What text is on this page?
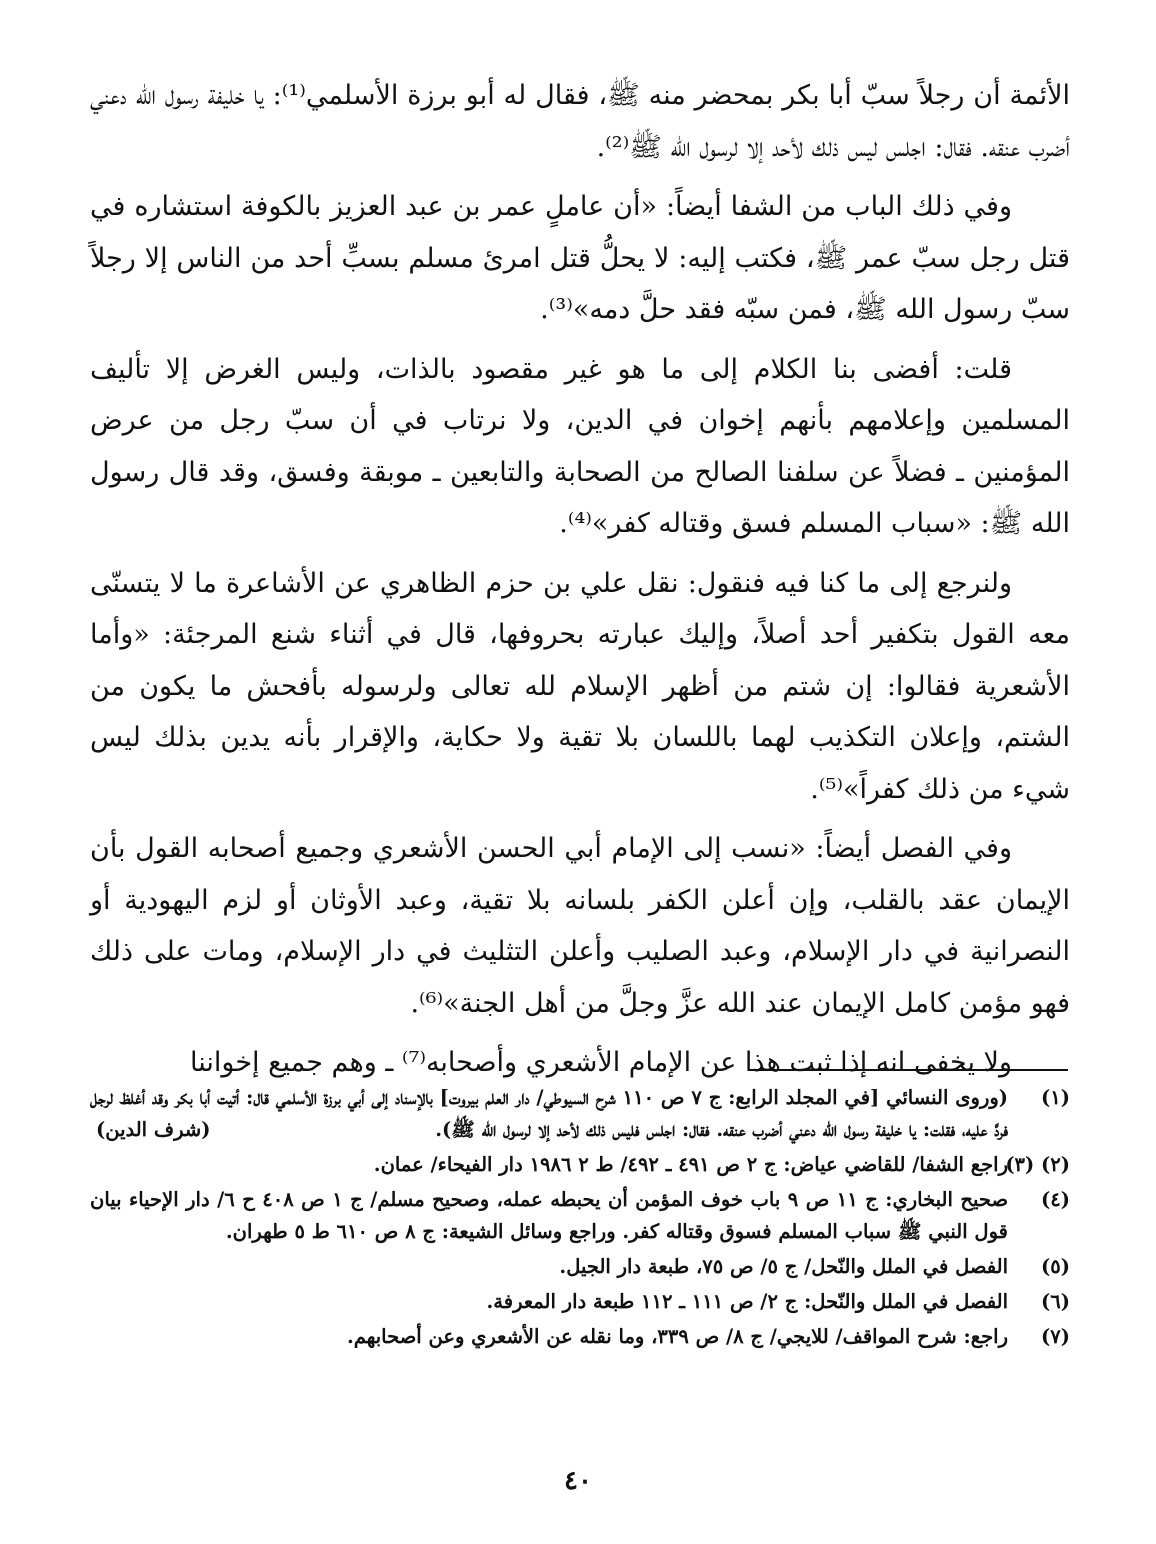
الأئمة أن رجلاً سبّ أبا بكر بمحضر منه ﷺ، فقال له أبو برزة الأسلمي⁽¹⁾: يا خليفة رسول الله دعني أضرب عنقه. فقال: اجلس ليس ذلك لأحد إلا لرسول الله ﷺ⁽²⁾.

وفي ذلك الباب من الشفا أيضاً: «أن عاملٍ عمر بن عبد العزيز بالكوفة استشاره في قتل رجل سبّ عمر ﷺ، فكتب إليه: لا يحلُّ قتل امرئ مسلم بسبِّ أحد من الناس إلا رجلاً سبّ رسول الله ﷺ، فمن سبّه فقد حلَّ دمه»⁽³⁾.

قلت: أفضى بنا الكلام إلى ما هو غير مقصود بالذات، وليس الغرض إلا تأليف المسلمين وإعلامهم بأنهم إخوان في الدين، ولا نرتاب في أن سبّ رجل من عرض المؤمنين ـ فضلاً عن سلفنا الصالح من الصحابة والتابعين ـ موبقة وفسق، وقد قال رسول الله ﷺ: «سباب المسلم فسق وقتاله كفر»⁽⁴⁾.

ولنرجع إلى ما كنا فيه فنقول: نقل علي بن حزم الظاهري عن الأشاعرة ما لا يتسنّى معه القول بتكفير أحد أصلاً، وإليك عبارته بحروفها، قال في أثناء شنع المرجئة: «وأما الأشعرية فقالوا: إن شتم من أظهر الإسلام لله تعالى ولرسوله بأفحش ما يكون من الشتم، وإعلان التكذيب لهما باللسان بلا تقية ولا حكاية، والإقرار بأنه يدين بذلك ليس شيء من ذلك كفراً»⁽⁵⁾.

وفي الفصل أيضاً: «نسب إلى الإمام أبي الحسن الأشعري وجميع أصحابه القول بأن الإيمان عقد بالقلب، وإن أعلن الكفر بلسانه بلا تقية، وعبد الأوثان أو لزم اليهودية أو النصرانية في دار الإسلام، وعبد الصليب وأعلن التثليث في دار الإسلام، ومات على ذلك فهو مؤمن كامل الإيمان عند الله عزَّ وجلَّ من أهل الجنة»⁽⁶⁾.

ولا يخفى انه إذا ثبت هذا عن الإمام الأشعري وأصحابه⁽⁷⁾ ـ وهم جميع إخواننا

(١)
(وروى النسائي [في المجلد الرابع: ج ٧ ص ١١٠ شرح السيوطي/ دار العلم بيروت] بالإسناد إلى أبي برزة الأسلمي قال: أتيت أبا بكر وقد أغلظ لرجل فردَّ عليه، فقلت: يا خليفة رسول الله دعني أضرب عنقه. فقال: اجلس فليس ذلك لأحد إلا لرسول الله ﷺ).
(شرف الدين)
(٢) (٣)
راجع الشفا/ للقاضي عياض: ج ٢ ص ٤٩١ ـ ٤٩٢/ ط ٢ ١٩٨٦ دار الفيحاء/ عمان.
(٤)
صحيح البخاري: ج ١١ ص ٩ باب خوف المؤمن أن يحبطه عمله، وصحيح مسلم/ ج ١ ص ٤٠٨ ح ٦/ دار الإحياء بيان قول النبي ﷺ سباب المسلم فسوق وقتاله كفر. وراجع وسائل الشيعة: ج ٨ ص ٦١٠ ط ٥ طهران.
(٥)
الفصل في الملل والنّحل/ ج ٥/ ص ٧٥، طبعة دار الجيل.
(٦)
الفصل في الملل والنّحل: ج ٢/ ص ١١١ ـ ١١٢ طبعة دار المعرفة.
(٧)
راجع: شرح المواقف/ للايجي/ ج ٨/ ص ٣٣٩، وما نقله عن الأشعري وعن أصحابهم.
٤٠
